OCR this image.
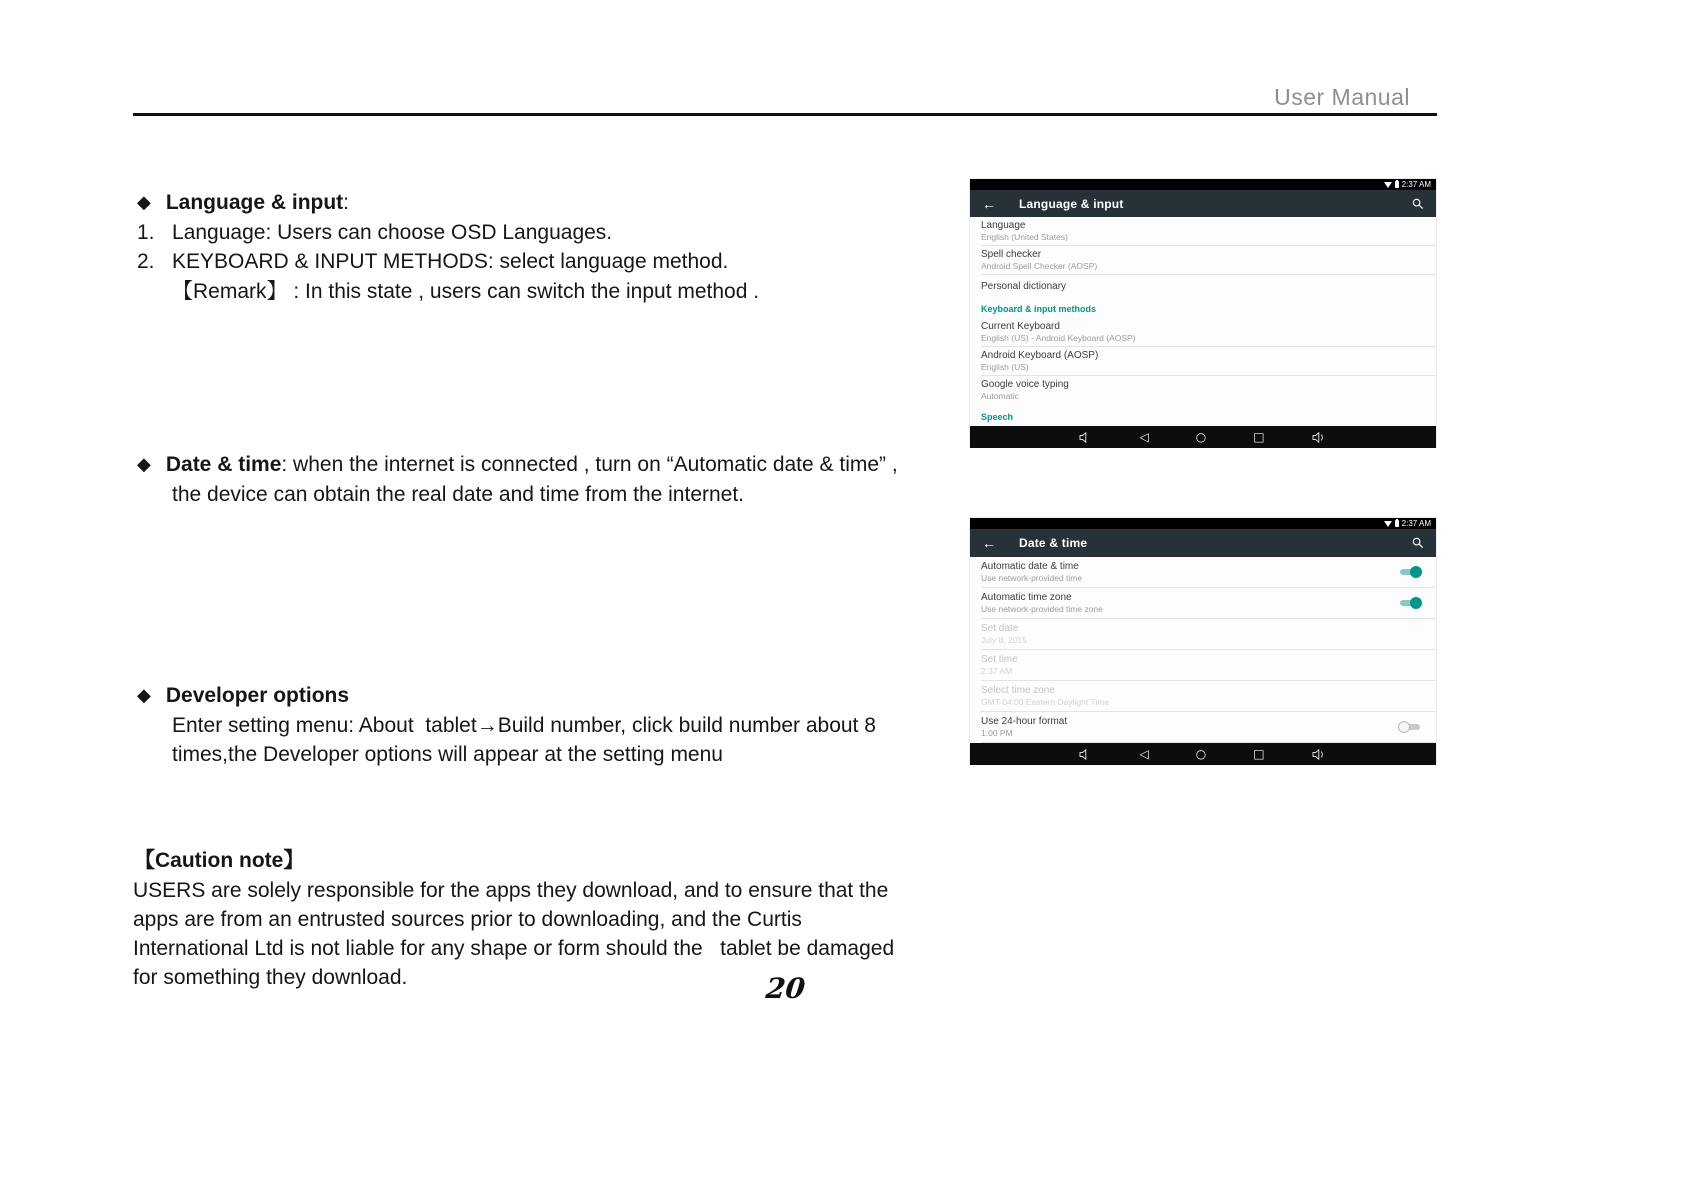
User Manual
20
◆ Language & input:
1.   Language: Users can choose OSD Languages.
2.   KEYBOARD & INPUT METHODS: select language method.
【Remark】 : In this state , users can switch the input method .
◆ Date & time: when the internet is connected , turn on “Automatic date & time” ,
the device can obtain the real date and time from the internet.
◆ Developer options
Enter setting menu: About  tablet→Build number, click build number about 8
times,the Developer options will appear at the setting menu
【Caution note】
USERS are solely responsible for the apps they download, and to ensure that the
apps are from an entrusted sources prior to downloading, and the Curtis
International Ltd is not liable for any shape or form should the   tablet be damaged
for something they download.
2:37 AM
← Language & input
Language
English (United States)
Spell checker
Android Spell Checker (AOSP)
Personal dictionary
Keyboard & input methods
Current Keyboard
English (US) - Android Keyboard (AOSP)
Android Keyboard (AOSP)
English (US)
Google voice typing
Automatic
Speech
◁	○	□
2:37 AM
← Date & time
Automatic date & time
Use network-provided time
Automatic time zone
Use network-provided time zone
Set date
July 8, 2015
Set time
2:37 AM
Select time zone
GMT-04:00 Eastern Daylight Time
Use 24-hour format
1:00 PM
◁	○	□
